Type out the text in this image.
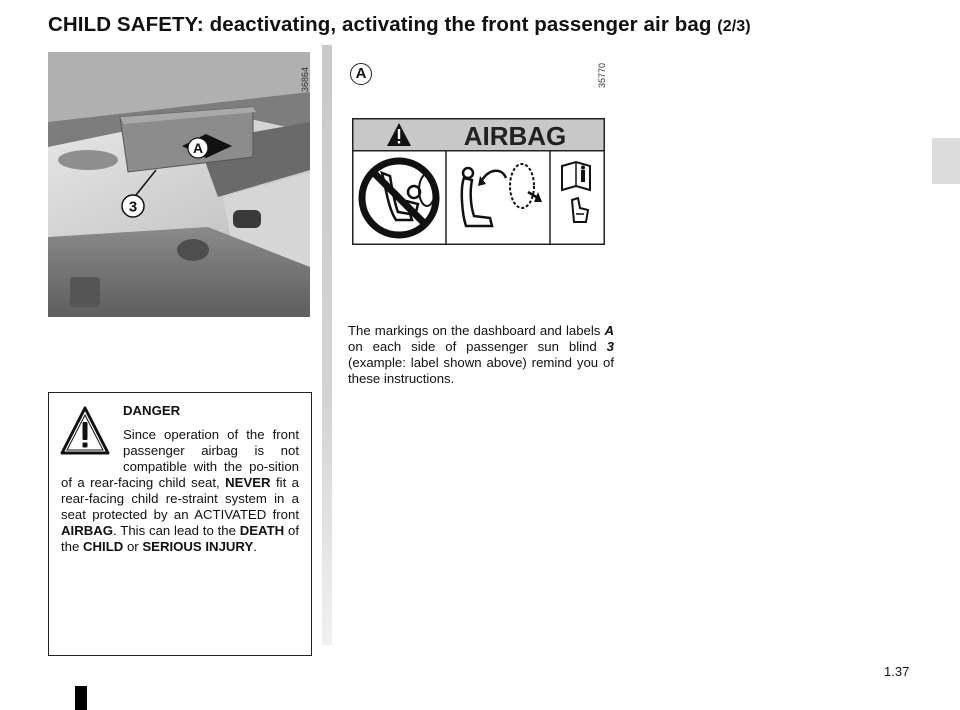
CHILD SAFETY: deactivating, activating the front passenger air bag (2/3)
A
3
36864	A	35770
AIRBAG

The markings on the dashboard and labels A on each side of passenger sun blind 3 (example: label shown above) remind you of these instructions.

DANGER

Since operation of the front passenger airbag is not compatible with the po-sition of a rear-facing child seat, NEVER fit a rear-facing child re-straint system in a seat protected by an ACTIVATED front AIRBAG. This can lead to the DEATH of the CHILD or SERIOUS INJURY.

1.37
